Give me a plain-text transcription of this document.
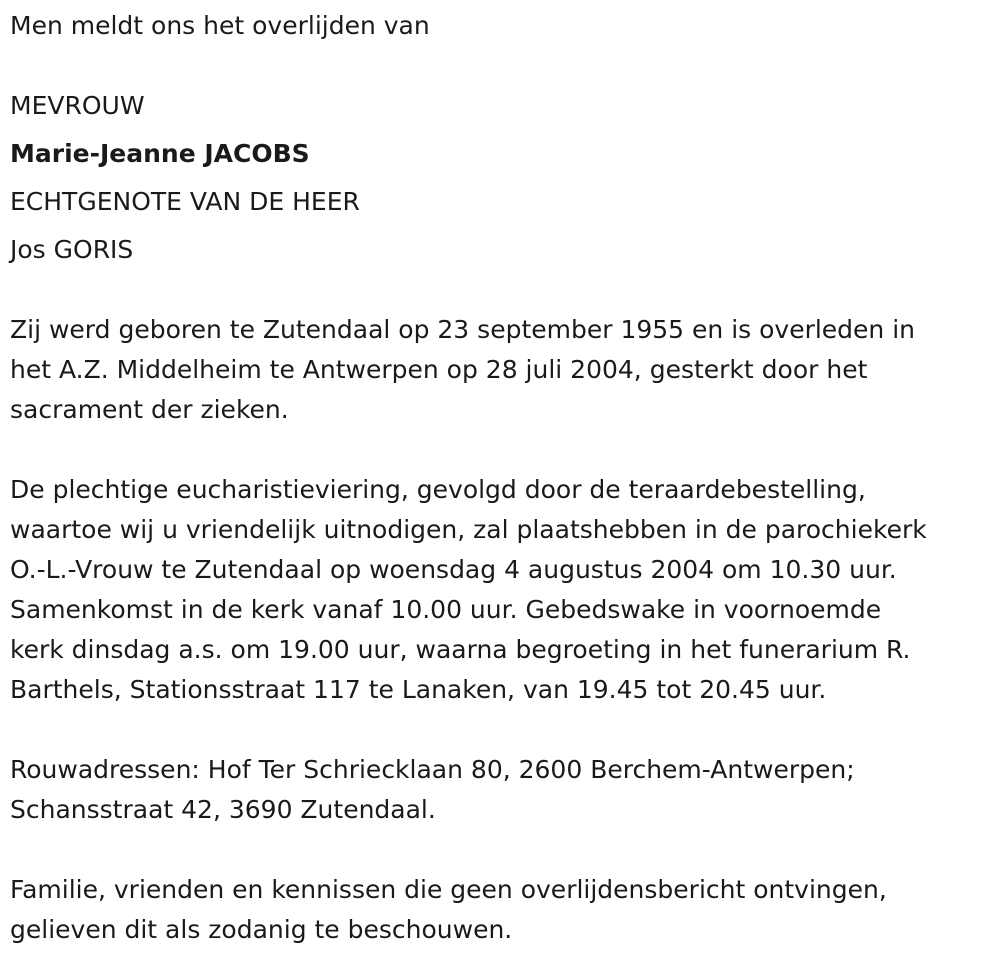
Men meldt ons het overlijden van
MEVROUW
Marie-Jeanne JACOBS
ECHTGENOTE VAN DE HEER
Jos GORIS
Zij werd geboren te Zutendaal op 23 september 1955 en is overleden in
het A.Z. Middelheim te Antwerpen op 28 juli 2004, gesterkt door het
sacrament der zieken.
De plechtige eucharistieviering, gevolgd door de teraardebestelling,
waartoe wij u vriendelijk uitnodigen, zal plaatshebben in de parochiekerk
O.-L.-Vrouw te Zutendaal op woensdag 4 augustus 2004 om 10.30 uur.
Samenkomst in de kerk vanaf 10.00 uur. Gebedswake in voornoemde
kerk dinsdag a.s. om 19.00 uur, waarna begroeting in het funerarium R.
Barthels, Stationsstraat 117 te Lanaken, van 19.45 tot 20.45 uur.
Rouwadressen: Hof Ter Schriecklaan 80, 2600 Berchem-Antwerpen;
Schansstraat 42, 3690 Zutendaal.
Familie, vrienden en kennissen die geen overlijdensbericht ontvingen,
gelieven dit als zodanig te beschouwen.
